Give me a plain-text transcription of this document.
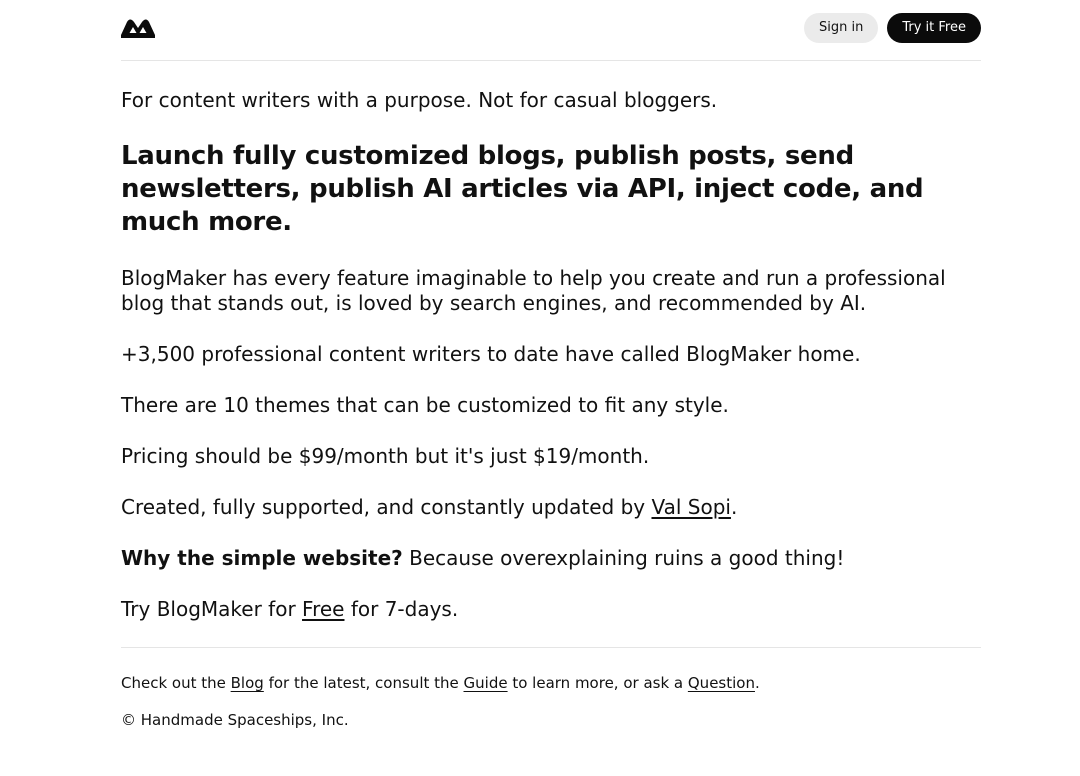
Sign in	Try it Free

For content writers with a purpose. Not for casual bloggers.

Launch fully customized blogs, publish posts, send newsletters, publish AI articles via API, inject code, and much more.

BlogMaker has every feature imaginable to help you create and run a professional blog that stands out, is loved by search engines, and recommended by AI.

+3,500 professional content writers to date have called BlogMaker home.

There are 10 themes that can be customized to fit any style.

Pricing should be $99/month but it's just $19/month.

Created, fully supported, and constantly updated by Val Sopi.

Why the simple website? Because overexplaining ruins a good thing!

Try BlogMaker for Free for 7-days.

Check out the Blog for the latest, consult the Guide to learn more, or ask a Question.

© Handmade Spaceships, Inc.
